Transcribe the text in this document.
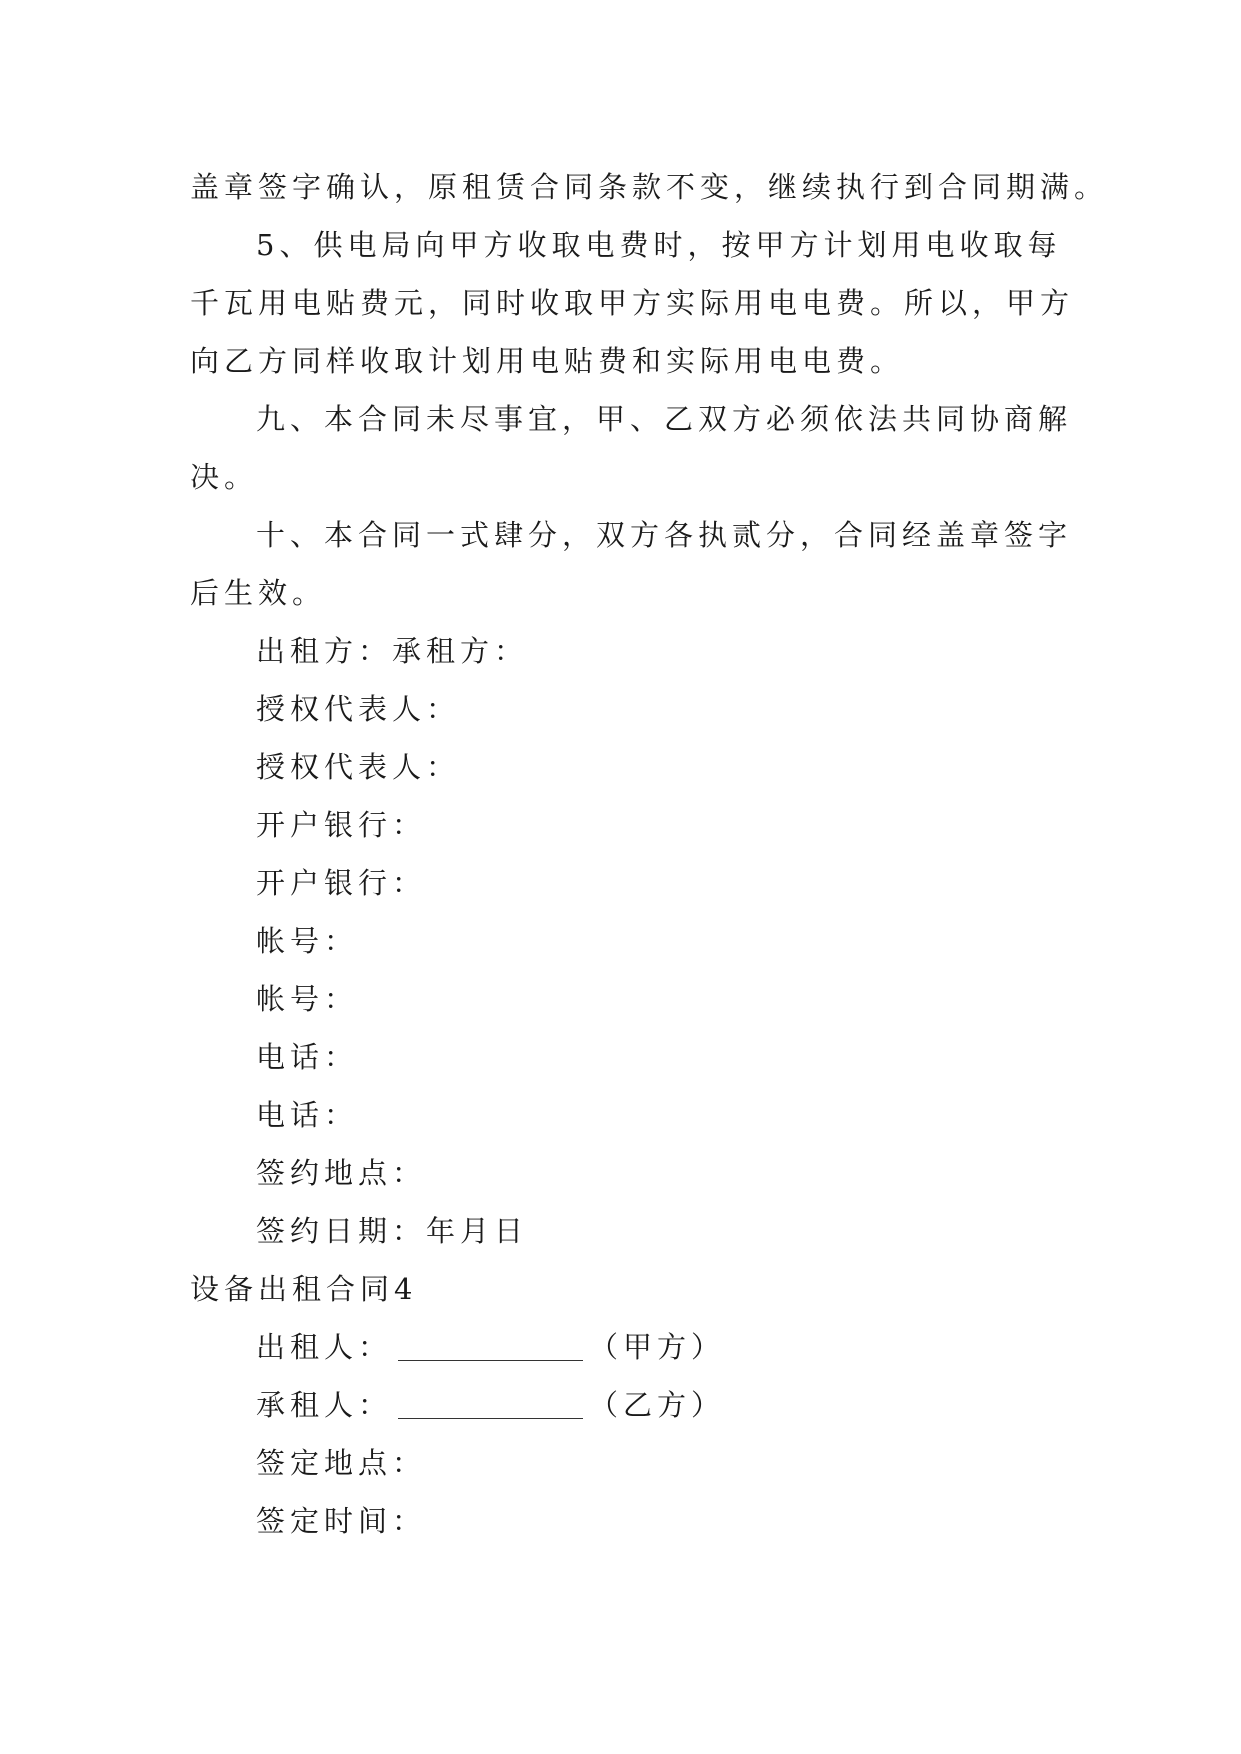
盖章签字确认，原租赁合同条款不变，继续执行到合同期满。
5、供电局向甲方收取电费时，按甲方计划用电收取每
千瓦用电贴费元，同时收取甲方实际用电电费。所以，甲方
向乙方同样收取计划用电贴费和实际用电电费。
九、本合同未尽事宜，甲、乙双方必须依法共同协商解
决。
十、本合同一式肆分，双方各执贰分，合同经盖章签字
后生效。
出租方：承租方：
授权代表人：
授权代表人：
开户银行：
开户银行：
帐号：
帐号：
电话：
电话：
签约地点：
签约日期：年月日
设备出租合同4
出租人：	（甲方）
承租人：	（乙方）
签定地点：
签定时间：
